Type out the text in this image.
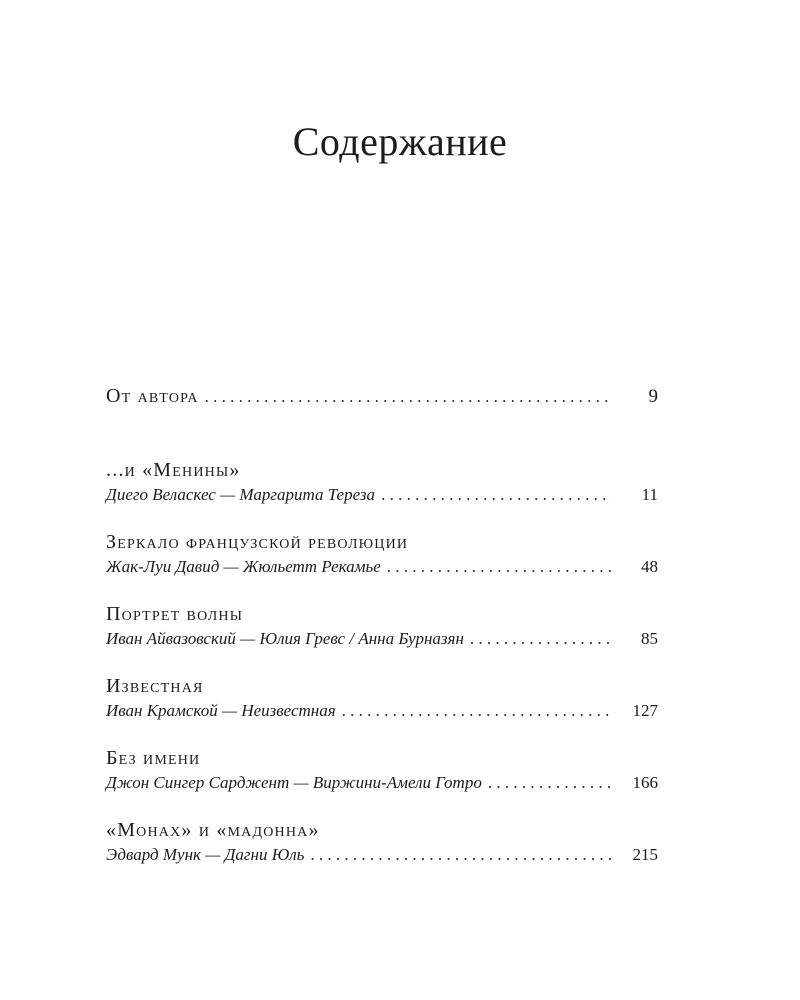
Содержание
От автора . . .	9
...и «Менины»
Диего Веласкес — Маргарита Тереза . . .	11
Зеркало французской революции
Жак-Луи Давид — Жюльетт Рекамье . . .	48
Портрет волны
Иван Айвазовский — Юлия Гревс / Анна Бурназян . . .	85
Известная
Иван Крамской — Неизвестная . . .	127
Без имени
Джон Сингер Сарджент — Виржини-Амели Готро . . .	166
«Монах» и «мадонна»
Эдвард Мунк — Дагни Юль . . .	215
